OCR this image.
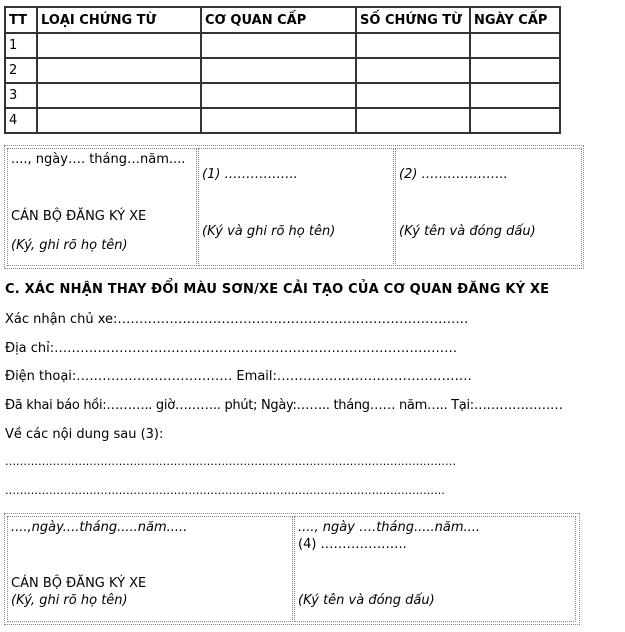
TT	LOẠI CHỨNG TỪ	CƠ QUAN CẤP	SỐ CHỨNG TỪ	NGÀY CẤP
1				
2				
3				
4				
...., ngày…. tháng…năm....
CÁN BỘ ĐĂNG KÝ XE
(Ký, ghi rõ họ tên)
(1) ……………..
(Ký và ghi rõ họ tên)
(2) ………………..
(Ký tên và đóng dấu)
C. XÁC NHẬN THAY ĐỔI MÀU SƠN/XE CẢI TẠO CỦA CƠ QUAN ĐĂNG KÝ XE
Xác nhận chủ xe:………………………………………………………………………
Địa chỉ:…………………………………………………………………………………
Điện thoại:……………………………… Email:………………………………………
Đã khai báo hồi:……….. giờ……….. phút; Ngày:…….. tháng…… năm….. Tại:…………………
Về các nội dung sau (3):
……………………………………………………………………………………………………………
…………………………………………………………………………………………………………
....,ngày....tháng.....năm.....
CÁN BỘ ĐĂNG KÝ XE
(Ký, ghi rõ họ tên)
...., ngày ….tháng.....năm....
(4) ………………..
(Ký tên và đóng dấu)
